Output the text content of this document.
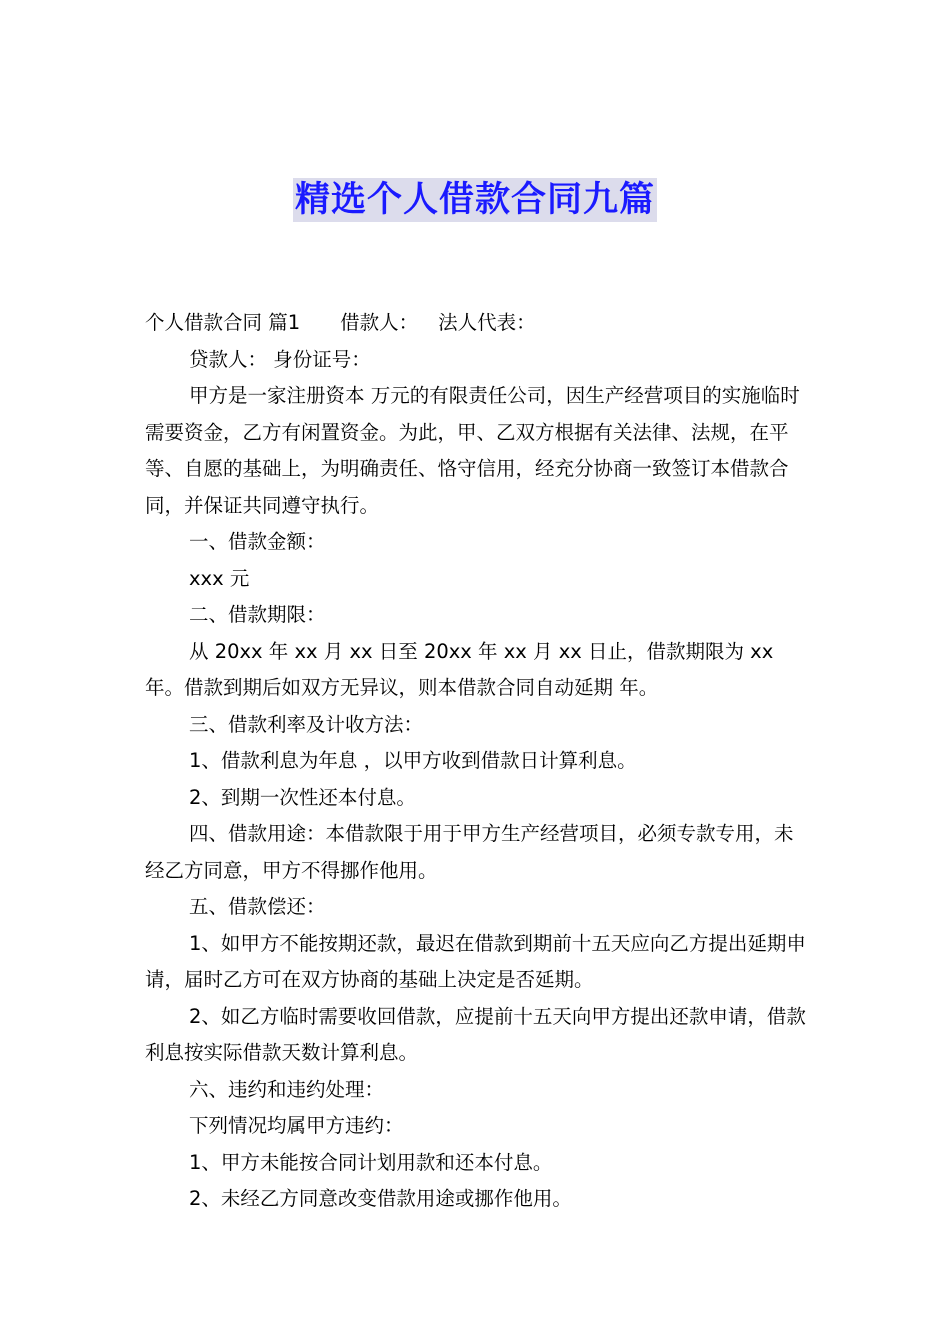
精选个人借款合同九篇

个人借款合同 篇1 借款人： 法人代表：

贷款人： 身份证号：

甲方是一家注册资本 万元的有限责任公司，因生产经营项目的实施临时需要资金，乙方有闲置资金。为此，甲、乙双方根据有关法律、法规，在平等、自愿的基础上，为明确责任、恪守信用，经充分协商一致签订本借款合同，并保证共同遵守执行。

一、借款金额：

xxx 元

二、借款期限：

从 20xx 年 xx 月 xx 日至 20xx 年 xx 月 xx 日止，借款期限为 xx 年。借款到期后如双方无异议，则本借款合同自动延期 年。

三、借款利率及计收方法：

1、借款利息为年息 ，以甲方收到借款日计算利息。

2、到期一次性还本付息。

四、借款用途：本借款限于用于甲方生产经营项目，必须专款专用，未经乙方同意，甲方不得挪作他用。

五、借款偿还：

1、如甲方不能按期还款，最迟在借款到期前十五天应向乙方提出延期申请，届时乙方可在双方协商的基础上决定是否延期。

2、如乙方临时需要收回借款，应提前十五天向甲方提出还款申请，借款利息按实际借款天数计算利息。

六、违约和违约处理：

下列情况均属甲方违约：

1、甲方未能按合同计划用款和还本付息。

2、未经乙方同意改变借款用途或挪作他用。
